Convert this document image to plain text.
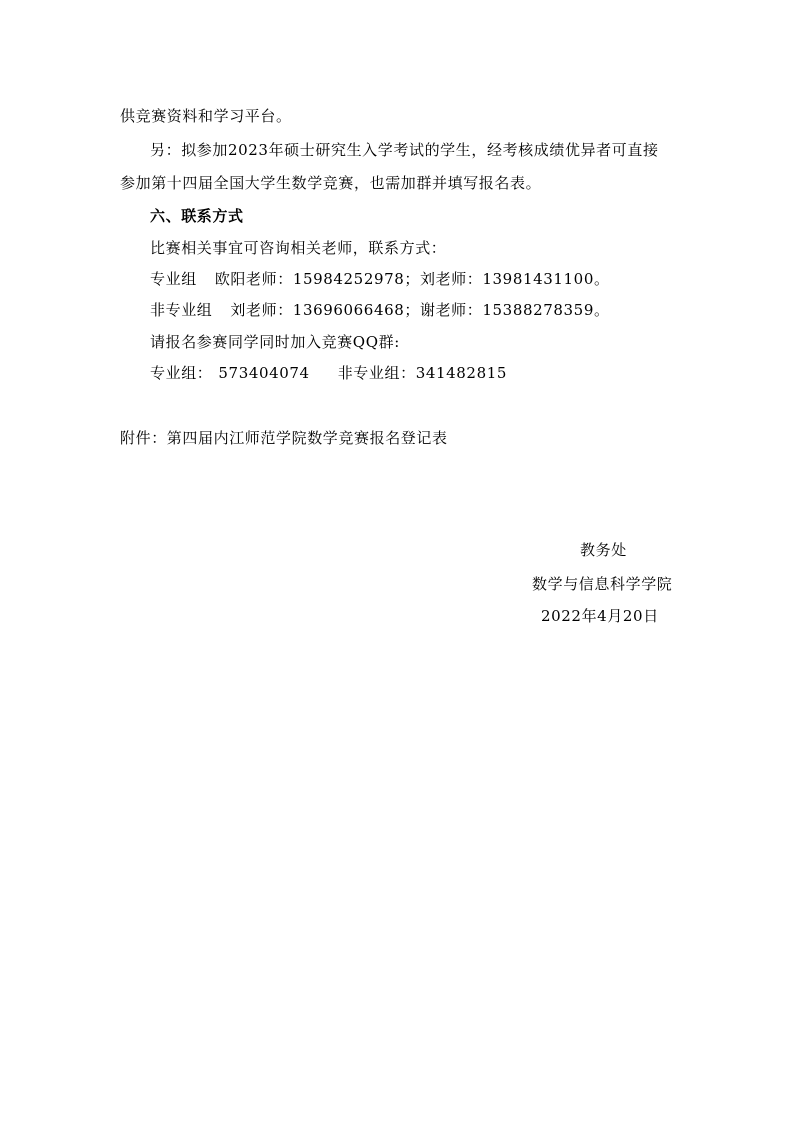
供竞赛资料和学习平台。
另：拟参加2023年硕士研究生入学考试的学生，经考核成绩优异者可直接
参加第十四届全国大学生数学竞赛，也需加群并填写报名表。
六、联系方式
比赛相关事宜可咨询相关老师，联系方式：
专业组 欧阳老师：15984252978；刘老师：13981431100。
非专业组 刘老师：13696066468；谢老师：15388278359。
请报名参赛同学同时加入竞赛QQ群:
专业组： 573404074 非专业组：341482815
附件：第四届内江师范学院数学竞赛报名登记表
教务处
数学与信息科学学院
2022年4月20日
